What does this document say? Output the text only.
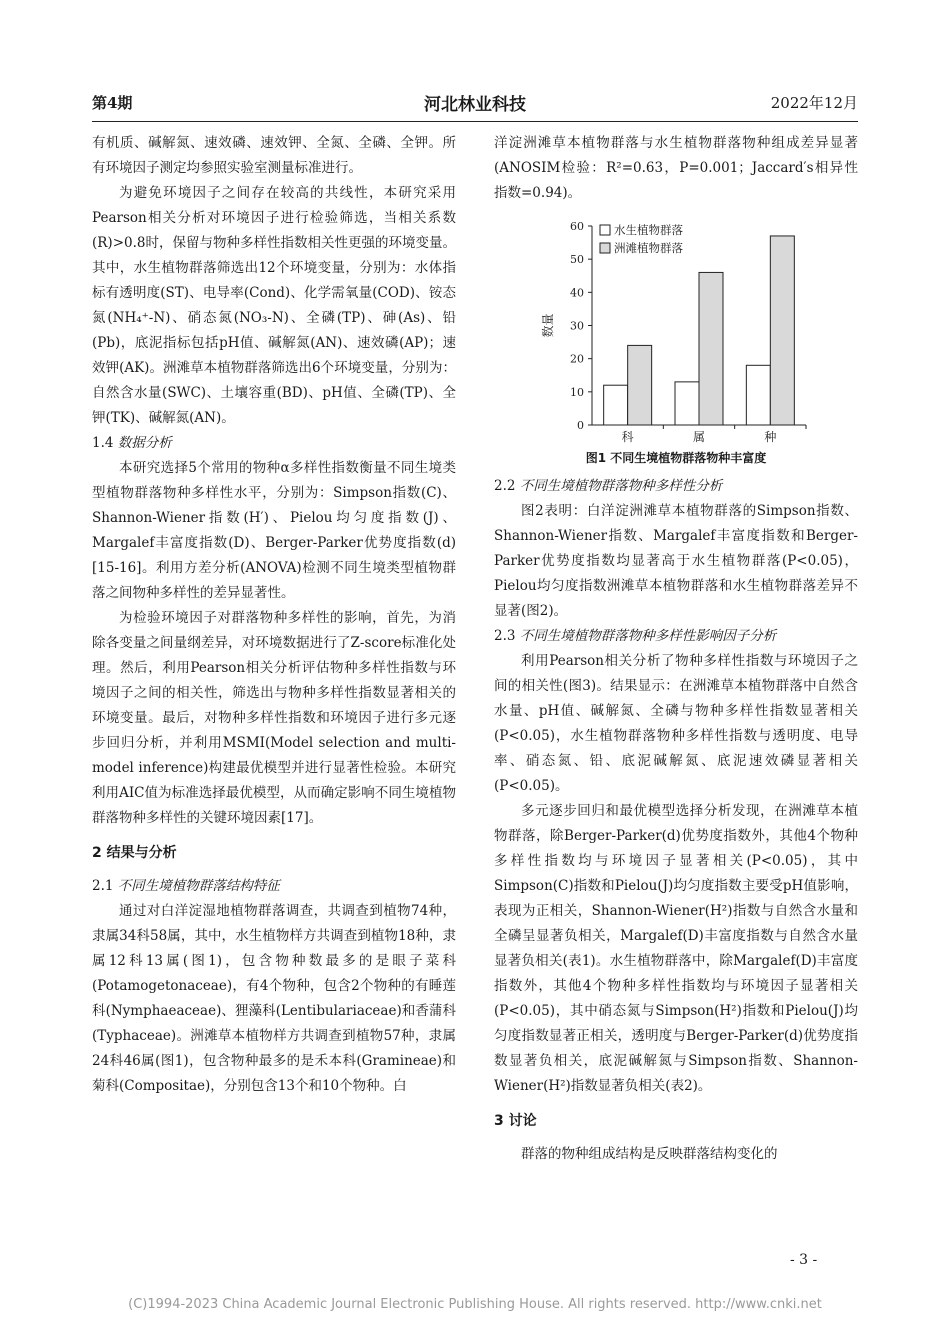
第4期	河北林业科技	2022年12月

有机质、碱解氮、速效磷、速效钾、全氮、全磷、全钾。所有环境因子测定均参照实验室测量标准进行。

为避免环境因子之间存在较高的共线性，本研究采用Pearson相关分析对环境因子进行检验筛选，当相关系数(R)>0.8时，保留与物种多样性指数相关性更强的环境变量。其中，水生植物群落筛选出12个环境变量，分别为：水体指标有透明度(ST)、电导率(Cond)、化学需氧量(COD)、铵态氮(NH₄⁺-N)、硝态氮(NO₃-N)、全磷(TP)、砷(As)、铅(Pb)，底泥指标包括pH值、碱解氮(AN)、速效磷(AP)；速效钾(AK)。洲滩草本植物群落筛选出6个环境变量，分别为：自然含水量(SWC)、土壤容重(BD)、pH值、全磷(TP)、全钾(TK)、碱解氮(AN)。

1.4 数据分析

本研究选择5个常用的物种α多样性指数衡量不同生境类型植物群落物种多样性水平，分别为：Simpson指数(C)、Shannon-Wiener指数(H′)、Pielou均匀度指数(J)、Margalef丰富度指数(D)、Berger-Parker优势度指数(d)[15-16]。利用方差分析(ANOVA)检测不同生境类型植物群落之间物种多样性的差异显著性。

为检验环境因子对群落物种多样性的影响，首先，为消除各变量之间量纲差异，对环境数据进行了Z-score标准化处理。然后，利用Pearson相关分析评估物种多样性指数与环境因子之间的相关性，筛选出与物种多样性指数显著相关的环境变量。最后，对物种多样性指数和环境因子进行多元逐步回归分析，并利用MSMI(Model selection and multi-model inference)构建最优模型并进行显著性检验。本研究利用AIC值为标准选择最优模型，从而确定影响不同生境植物群落物种多样性的关键环境因素[17]。

2 结果与分析

2.1 不同生境植物群落结构特征

通过对白洋淀湿地植物群落调查，共调查到植物74种，隶属34科58属，其中，水生植物样方共调查到植物18种，隶属12科13属(图1)，包含物种数最多的是眼子菜科(Potamogetonaceae)，有4个物种，包含2个物种的有睡莲科(Nymphaeaceae)、狸藻科(Lentibulariaceae)和香蒲科(Typhaceae)。洲滩草本植物样方共调查到植物57种，隶属24科46属(图1)，包含物种最多的是禾本科(Gramineae)和菊科(Compositae)，分别包含13个和10个物种。白

洋淀洲滩草本植物群落与水生植物群落物种组成差异显著(ANOSIM检验：R²=0.63，P=0.001；Jaccard′s相异性指数=0.94)。

0
10
20
30
40
50
60
数量
科	属	种
水生植物群落
洲滩植物群落
图1 不同生境植物群落物种丰富度

2.2 不同生境植物群落物种多样性分析

图2表明：白洋淀洲滩草本植物群落的Simpson指数、Shannon-Wiener指数、Margalef丰富度指数和Berger-Parker优势度指数均显著高于水生植物群落(P<0.05)，Pielou均匀度指数洲滩草本植物群落和水生植物群落差异不显著(图2)。

2.3 不同生境植物群落物种多样性影响因子分析

利用Pearson相关分析了物种多样性指数与环境因子之间的相关性(图3)。结果显示：在洲滩草本植物群落中自然含水量、pH值、碱解氮、全磷与物种多样性指数显著相关(P<0.05)，水生植物群落物种多样性指数与透明度、电导率、硝态氮、铅、底泥碱解氮、底泥速效磷显著相关(P<0.05)。

多元逐步回归和最优模型选择分析发现，在洲滩草本植物群落，除Berger-Parker(d)优势度指数外，其他4个物种多样性指数均与环境因子显著相关(P<0.05)，其中Simpson(C)指数和Pielou(J)均匀度指数主要受pH值影响，表现为正相关，Shannon-Wiener(H²)指数与自然含水量和全磷呈显著负相关，Margalef(D)丰富度指数与自然含水量显著负相关(表1)。水生植物群落中，除Margalef(D)丰富度指数外，其他4个物种多样性指数均与环境因子显著相关(P<0.05)，其中硝态氮与Simpson(H²)指数和Pielou(J)均匀度指数显著正相关，透明度与Berger-Parker(d)优势度指数显著负相关，底泥碱解氮与Simpson指数、Shannon-Wiener(H²)指数显著负相关(表2)。

3 讨论

群落的物种组成结构是反映群落结构变化的

- 3 -
(C)1994-2023 China Academic Journal Electronic Publishing House. All rights reserved. http://www.cnki.net
